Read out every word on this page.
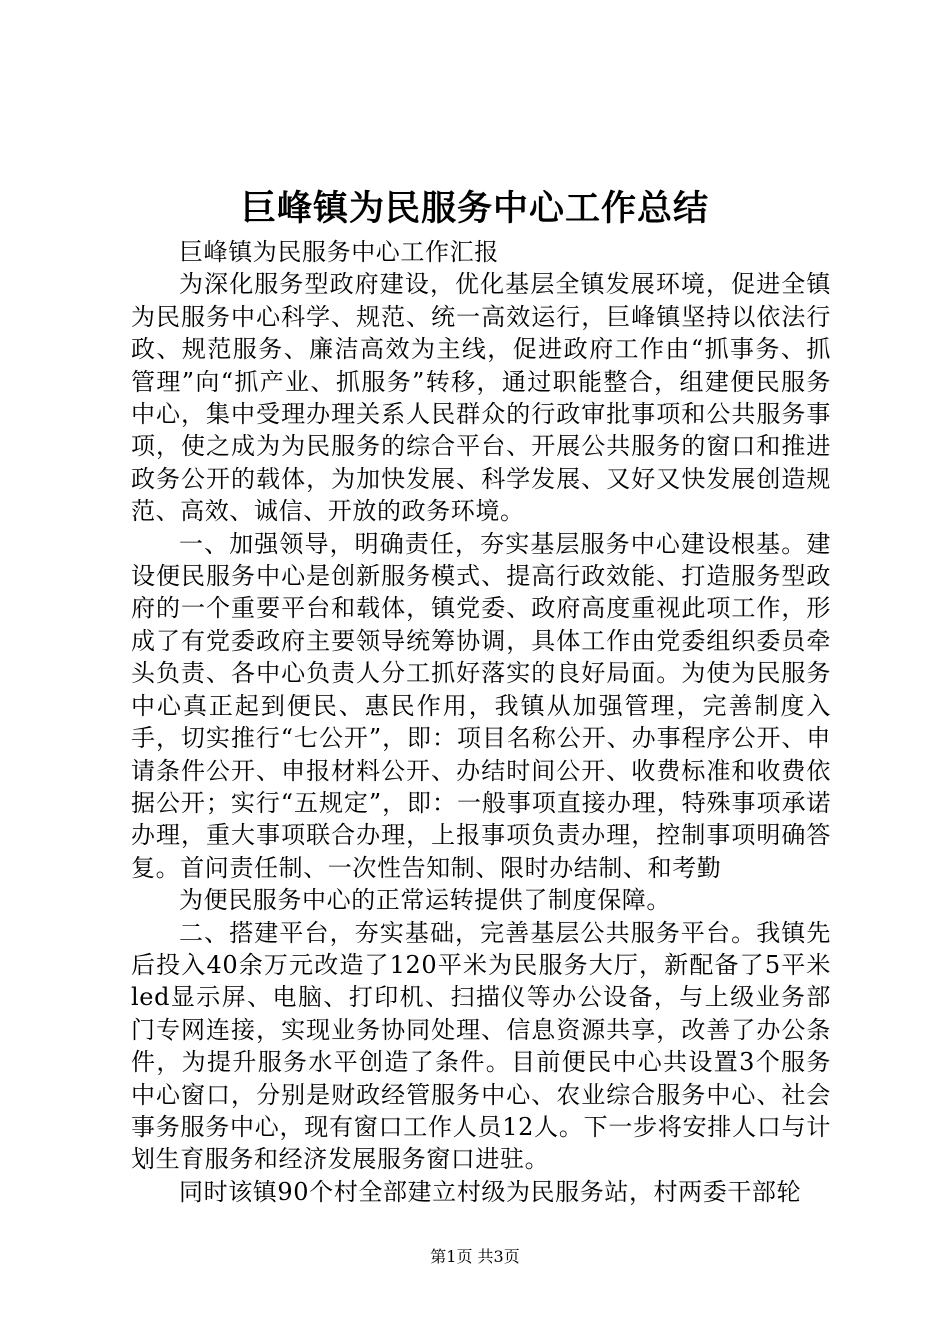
巨峰镇为民服务中心工作总结

巨峰镇为民服务中心工作汇报

为深化服务型政府建设，优化基层全镇发展环境，促进全镇为民服务中心科学、规范、统一高效运行，巨峰镇坚持以依法行政、规范服务、廉洁高效为主线，促进政府工作由“抓事务、抓管理”向“抓产业、抓服务”转移，通过职能整合，组建便民服务中心，集中受理办理关系人民群众的行政审批事项和公共服务事项，使之成为为民服务的综合平台、开展公共服务的窗口和推进政务公开的载体，为加快发展、科学发展、又好又快发展创造规范、高效、诚信、开放的政务环境。

一、加强领导，明确责任，夯实基层服务中心建设根基。建设便民服务中心是创新服务模式、提高行政效能、打造服务型政府的一个重要平台和载体，镇党委、政府高度重视此项工作，形成了有党委政府主要领导统筹协调，具体工作由党委组织委员牵头负责、各中心负责人分工抓好落实的良好局面。为使为民服务中心真正起到便民、惠民作用，我镇从加强管理，完善制度入手，切实推行“七公开”，即：项目名称公开、办事程序公开、申请条件公开、申报材料公开、办结时间公开、收费标准和收费依据公开；实行“五规定”，即：一般事项直接办理，特殊事项承诺办理，重大事项联合办理，上报事项负责办理，控制事项明确答复。首问责任制、一次性告知制、限时办结制、和考勤

为便民服务中心的正常运转提供了制度保障。

二、搭建平台，夯实基础，完善基层公共服务平台。我镇先后投入40余万元改造了120平米为民服务大厅，新配备了5平米led显示屏、电脑、打印机、扫描仪等办公设备，与上级业务部门专网连接，实现业务协同处理、信息资源共享，改善了办公条件，为提升服务水平创造了条件。目前便民中心共设置3个服务中心窗口，分别是财政经管服务中心、农业综合服务中心、社会事务服务中心，现有窗口工作人员12人。下一步将安排人口与计划生育服务和经济发展服务窗口进驻。

同时该镇90个村全部建立村级为民服务站，村两委干部轮

第1页 共3页
